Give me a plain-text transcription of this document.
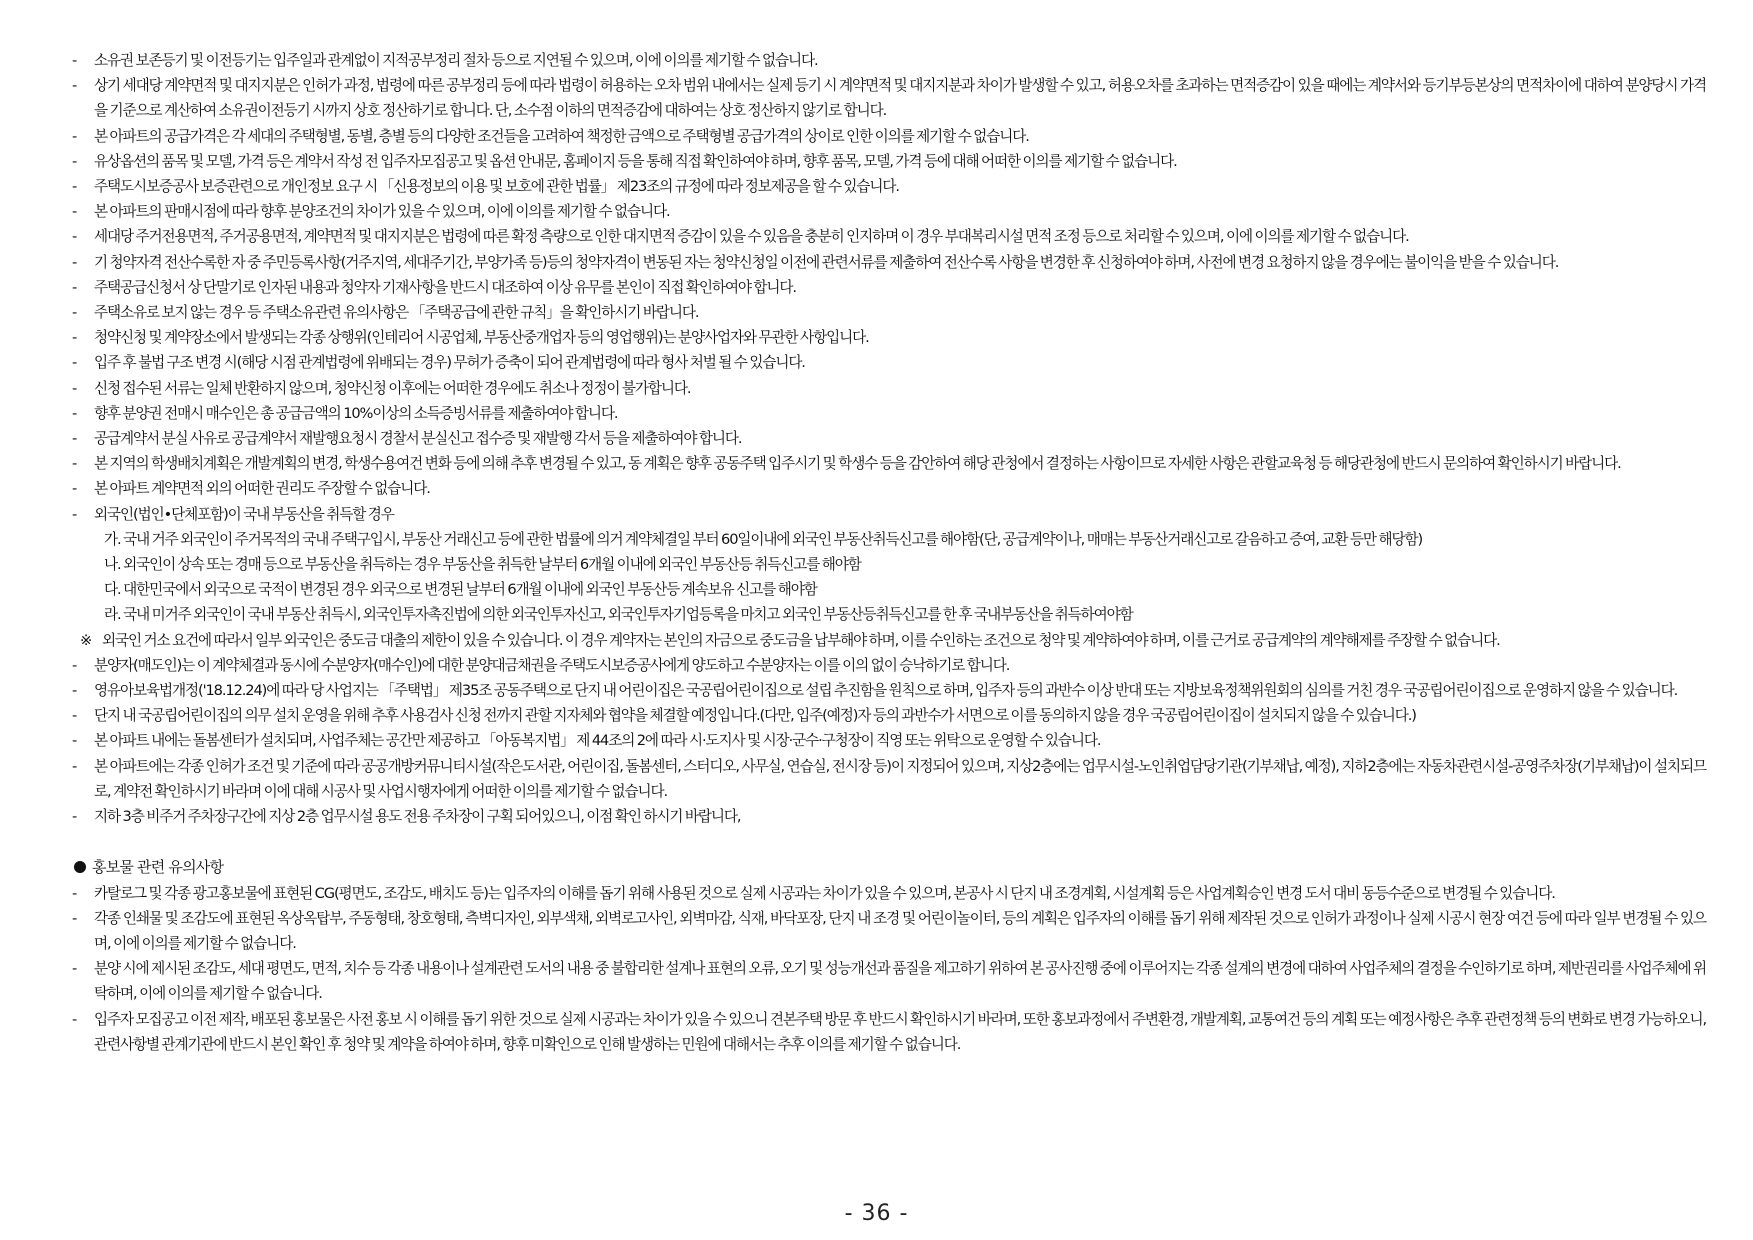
- 소유권 보존등기 및 이전등기는 입주일과 관계없이 지적공부정리 절차 등으로 지연될 수 있으며, 이에 이의를 제기할 수 없습니다.
- 상기 세대당 계약면적 및 대지지분은 인허가 과정, 법령에 따른 공부정리 등에 따라 법령이 허용하는 오차 범위 내에서는 실제 등기 시 계약면적 및 대지지분과 차이가 발생할 수 있고, 허용오차를 초과하는 면적증감이 있을 때에는 계약서와 등기부등본상의 면적차이에 대하여 분양당시 가격을 기준으로 계산하여 소유권이전등기 시까지 상호 정산하기로 합니다. 단, 소수점 이하의 면적증감에 대하여는 상호 정산하지 않기로 합니다.
- 본 아파트의 공급가격은 각 세대의 주택형별, 동별, 층별 등의 다양한 조건들을 고려하여 책정한 금액으로 주택형별 공급가격의 상이로 인한 이의를 제기할 수 없습니다.
- 유상옵션의 품목 및 모델, 가격 등은 계약서 작성 전 입주자모집공고 및 옵션 안내문, 홈페이지 등을 통해 직접 확인하여야 하며, 향후 품목, 모델, 가격 등에 대해 어떠한 이의를 제기할 수 없습니다.
- 주택도시보증공사 보증관련으로 개인정보 요구 시 「신용정보의 이용 및 보호에 관한 법률」 제23조의 규정에 따라 정보제공을 할 수 있습니다.
- 본 아파트의 판매시점에 따라 향후 분양조건의 차이가 있을 수 있으며, 이에 이의를 제기할 수 없습니다.
- 세대당 주거전용면적, 주거공용면적, 계약면적 및 대지지분은 법령에 따른 확정 측량으로 인한 대지면적 증감이 있을 수 있음을 충분히 인지하며 이 경우 부대복리시설 면적 조정 등으로 처리할 수 있으며, 이에 이의를 제기할 수 없습니다.
- 기 청약자격 전산수록한 자 중 주민등록사항(거주지역, 세대주기간, 부양가족 등)등의 청약자격이 변동된 자는 청약신청일 이전에 관련서류를 제출하여 전산수록 사항을 변경한 후 신청하여야 하며, 사전에 변경 요청하지 않을 경우에는 불이익을 받을 수 있습니다.
- 주택공급신청서 상 단말기로 인자된 내용과 청약자 기재사항을 반드시 대조하여 이상 유무를 본인이 직접 확인하여야 합니다.
- 주택소유로 보지 않는 경우 등 주택소유관련 유의사항은 「주택공급에 관한 규칙」을 확인하시기 바랍니다.
- 청약신청 및 계약장소에서 발생되는 각종 상행위(인테리어 시공업체, 부동산중개업자 등의 영업행위)는 분양사업자와 무관한 사항입니다.
- 입주 후 불법 구조 변경 시(해당 시점 관계법령에 위배되는 경우) 무허가 증축이 되어 관계법령에 따라 형사 처벌 될 수 있습니다.
- 신청 접수된 서류는 일체 반환하지 않으며, 청약신청 이후에는 어떠한 경우에도 취소나 정정이 불가합니다.
- 향후 분양권 전매시 매수인은 총 공급금액의 10%이상의 소득증빙서류를 제출하여야 합니다.
- 공급계약서 분실 사유로 공급계약서 재발행요청시 경찰서 분실신고 접수증 및 재발행 각서 등을 제출하여야 합니다.
- 본 지역의 학생배치계획은 개발계획의 변경, 학생수용여건 변화 등에 의해 추후 변경될 수 있고, 동 계획은 향후 공동주택 입주시기 및 학생수 등을 감안하여 해당 관청에서 결정하는 사항이므로 자세한 사항은 관할교육청 등 해당관청에 반드시 문의하여 확인하시기 바랍니다.
- 본 아파트 계약면적 외의 어떠한 권리도 주장할 수 없습니다.
- 외국인(법인•단체포함)이 국내 부동산을 취득할 경우
가. 국내 거주 외국인이 주거목적의 국내 주택구입시, 부동산 거래신고 등에 관한 법률에 의거 계약체결일 부터 60일이내에 외국인 부동산취득신고를 해야함(단, 공급계약이나, 매매는 부동산거래신고로 갈음하고 증여, 교환 등만 해당함)
나. 외국인이 상속 또는 경매 등으로 부동산을 취득하는 경우 부동산을 취득한 날부터 6개월 이내에 외국인 부동산등 취득신고를 해야함
다. 대한민국에서 외국으로 국적이 변경된 경우 외국으로 변경된 날부터 6개월 이내에 외국인 부동산등 계속보유 신고를 해야함
라. 국내 미거주 외국인이 국내 부동산 취득시, 외국인투자촉진법에 의한 외국인투자신고, 외국인투자기업등록을 마치고 외국인 부동산등취득신고를 한 후 국내부동산을 취득하여야함
※ 외국인 거소 요건에 따라서 일부 외국인은 중도금 대출의 제한이 있을 수 있습니다. 이 경우 계약자는 본인의 자금으로 중도금을 납부해야 하며, 이를 수인하는 조건으로 청약 및 계약하여야 하며, 이를 근거로 공급계약의 계약해제를 주장할 수 없습니다.
- 분양자(매도인)는 이 계약체결과 동시에 수분양자(매수인)에 대한 분양대금채권을 주택도시보증공사에게 양도하고 수분양자는 이를 이의 없이 승낙하기로 합니다.
- 영유아보육법개정('18.12.24)에 따라 당 사업지는 「주택법」 제35조 공동주택으로 단지 내 어린이집은 국공립어린이집으로 설립 추진함을 원칙으로 하며, 입주자 등의 과반수 이상 반대 또는 지방보육정책위원회의 심의를 거친 경우 국공립어린이집으로 운영하지 않을 수 있습니다.
- 단지 내 국공립어린이집의 의무 설치 운영을 위해 추후 사용검사 신청 전까지 관할 지자체와 협약을 체결할 예정입니다.(다만, 입주(예정)자 등의 과반수가 서면으로 이를 동의하지 않을 경우 국공립어린이집이 설치되지 않을 수 있습니다.)
- 본 아파트 내에는 돌봄센터가 설치되며, 사업주체는 공간만 제공하고 「아동복지법」 제 44조의 2에 따라 시·도지사 및 시장·군수·구청장이 직영 또는 위탁으로 운영할 수 있습니다.
- 본 아파트에는 각종 인허가 조건 및 기준에 따라 공공개방커뮤니티시설(작은도서관, 어린이집, 돌봄센터, 스터디오, 사무실, 연습실, 전시장 등)이 지정되어 있으며, 지상2층에는 업무시설-노인취업담당기관(기부채납, 예정), 지하2층에는 자동차관련시설-공영주차장(기부채납)이 설치되므로, 계약전 확인하시기 바라며 이에 대해 시공사 및 사업시행자에게 어떠한 이의를 제기할 수 없습니다.
- 지하 3층 비주거 주차장구간에 지상 2층 업무시설 용도 전용 주차장이 구획 되어있으니, 이점 확인 하시기 바랍니다,
홍보물 관련 유의사항
- 카탈로그 및 각종 광고홍보물에 표현된 CG(평면도, 조감도, 배치도 등)는 입주자의 이해를 돕기 위해 사용된 것으로 실제 시공과는 차이가 있을 수 있으며, 본공사 시 단지 내 조경계획, 시설계획 등은 사업계획승인 변경 도서 대비 동등수준으로 변경될 수 있습니다.
- 각종 인쇄물 및 조감도에 표현된 옥상옥탑부, 주동형태, 창호형태, 측벽디자인, 외부색채, 외벽로고사인, 외벽마감, 식재, 바닥포장, 단지 내 조경 및 어린이놀이터, 등의 계획은 입주자의 이해를 돕기 위해 제작된 것으로 인허가 과정이나 실제 시공시 현장 여건 등에 따라 일부 변경될 수 있으며, 이에 이의를 제기할 수 없습니다.
- 분양 시에 제시된 조감도, 세대 평면도, 면적, 치수 등 각종 내용이나 설계관련 도서의 내용 중 불합리한 설계나 표현의 오류, 오기 및 성능개선과 품질을 제고하기 위하여 본 공사진행 중에 이루어지는 각종 설계의 변경에 대하여 사업주체의 결정을 수인하기로 하며, 제반권리를 사업주체에 위탁하며, 이에 이의를 제기할 수 없습니다.
- 입주자 모집공고 이전 제작, 배포된 홍보물은 사전 홍보 시 이해를 돕기 위한 것으로 실제 시공과는 차이가 있을 수 있으니 견본주택 방문 후 반드시 확인하시기 바라며, 또한 홍보과정에서 주변환경, 개발계획, 교통여건 등의 계획 또는 예정사항은 추후 관련정책 등의 변화로 변경 가능하오니, 관련사항별 관계기관에 반드시 본인 확인 후 청약 및 계약을 하여야 하며, 향후 미확인으로 인해 발생하는 민원에 대해서는 추후 이의를 제기할 수 없습니다.
- 36 -
